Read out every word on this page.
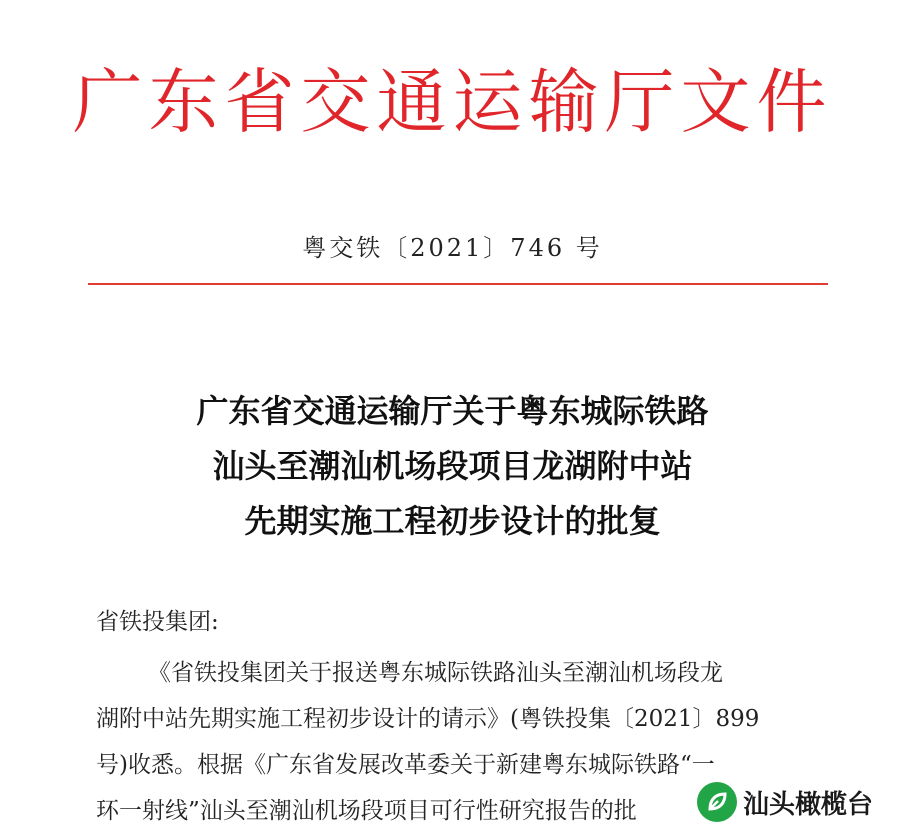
广东省交通运输厅文件
粤交铁〔2021〕746 号
广东省交通运输厅关于粤东城际铁路
汕头至潮汕机场段项目龙湖附中站
先期实施工程初步设计的批复
省铁投集团:
《省铁投集团关于报送粤东城际铁路汕头至潮汕机场段龙
湖附中站先期实施工程初步设计的请示》(粤铁投集〔2021〕899
号)收悉。根据《广东省发展改革委关于新建粤东城际铁路“一
环一射线”汕头至潮汕机场段项目可行性研究报告的批	汕头橄榄台
